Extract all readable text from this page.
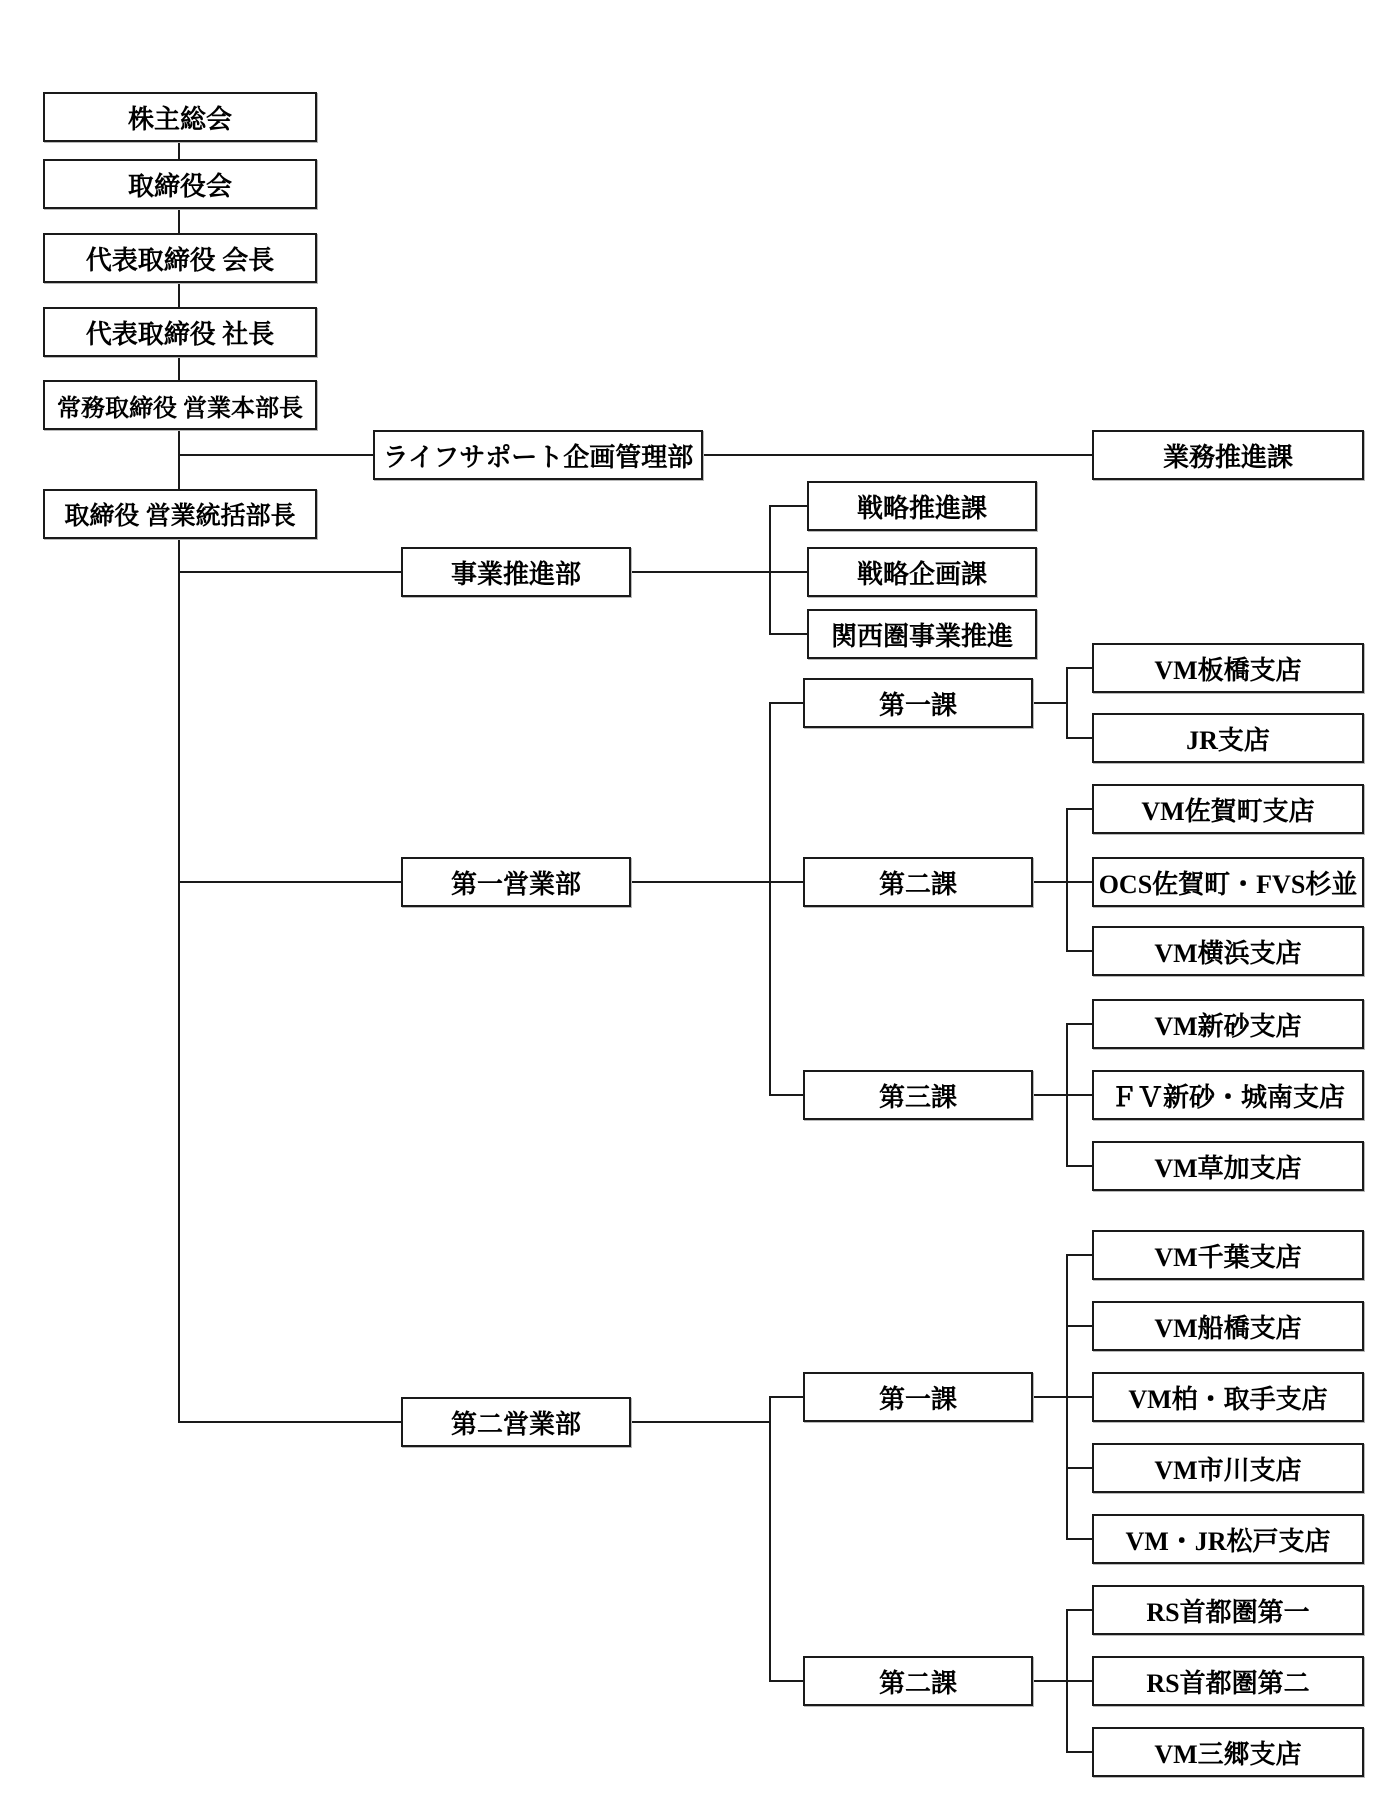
株主総会
取締役会
代表取締役 会長
代表取締役 社長
常務取締役 営業本部長
取締役 営業統括部長
ライフサポート企画管理部	業務推進課
事業推進部
戦略推進課
戦略企画課
関西圏事業推進
第一営業部
第一課
VM板橋支店
JR支店
第二課
VM佐賀町支店
OCS佐賀町・FVS杉並
VM横浜支店
第三課
VM新砂支店
ＦＶ新砂・城南支店
VM草加支店
第二営業部
第一課
VM千葉支店
VM船橋支店
VM柏・取手支店
VM市川支店
VM・JR松戸支店
第二課
RS首都圏第一
RS首都圏第二
VM三郷支店
